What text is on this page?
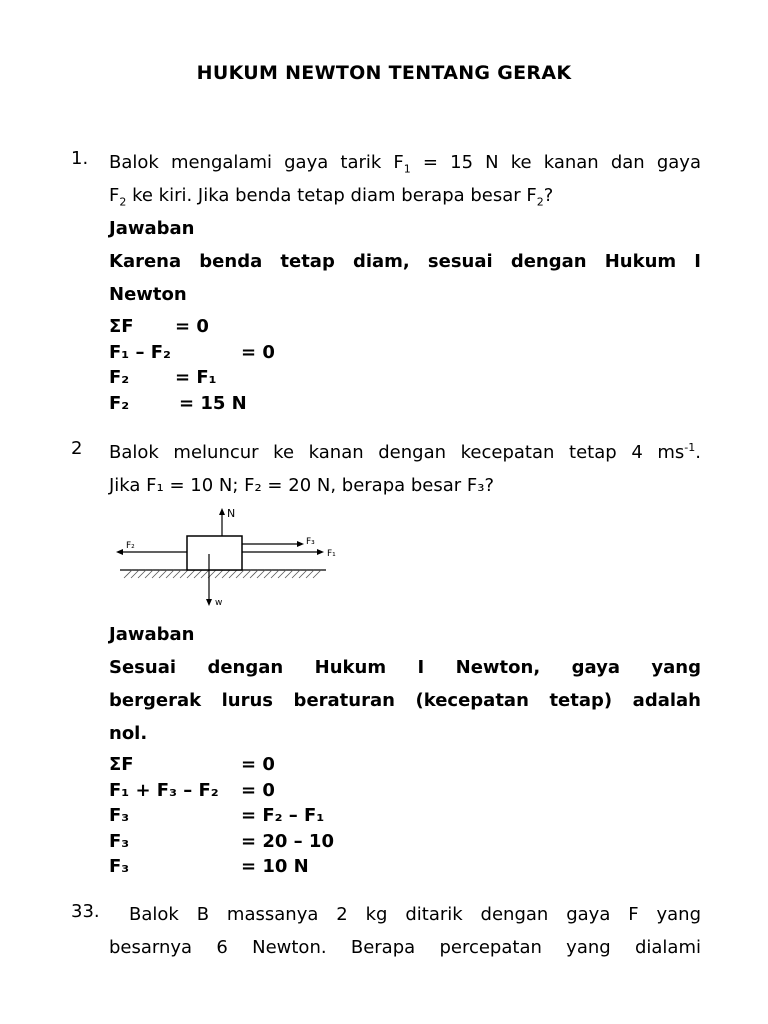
HUKUM NEWTON TENTANG GERAK
1. Balok mengalami gaya tarik $F_1 = 15$ N ke kanan dan gaya
$F_2$ ke kiri. Jika benda tetap diam berapa besar $F_2$?
Jawaban
Karena benda tetap diam, sesuai dengan Hukum I Newton
ΣF = 0
F₁ – F₂	= 0
F₂	= F₁
F₂	= 15 N
2 Balok meluncur ke kanan dengan kecepatan tetap 4 $ms^{-1}$.
Jika F₁ = 10 N; F₂ = 20 N, berapa besar F₃?
N
w
F₂	F₃
F₁
Jawaban
Sesuai dengan Hukum I Newton, gaya yang
bergerak lurus beraturan (kecepatan tetap) adalah
nol.
ΣF	= 0
F₁ + F₃ – F₂ = 0
F₃	= F₂ – F₁
F₃	= 20 – 10
F₃	= 10 N
33.	Balok B massanya 2 kg ditarik dengan gaya F yang
besarnya 6 Newton. Berapa percepatan yang dialami
